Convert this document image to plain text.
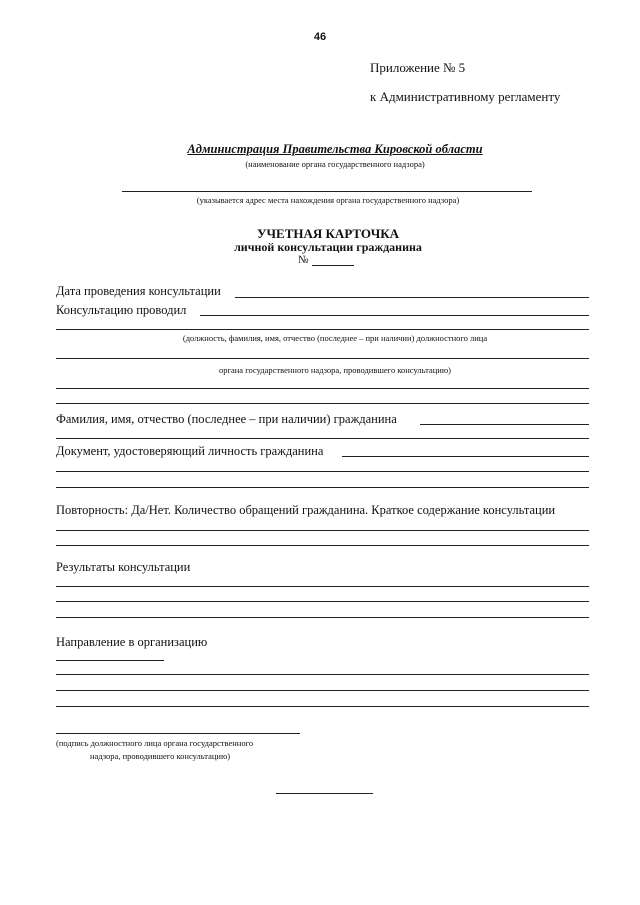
46
Приложение № 5
к Административному регламенту
Администрация Правительства Кировской области
(наименование органа государственного надзора)
(указывается адрес места нахождения органа государственного надзора)
УЧЕТНАЯ КАРТОЧКА
личной консультации гражданина
№
Дата проведения консультации
Консультацию проводил
(должность, фамилия, имя, отчество (последнее – при наличии) должностного лица
органа государственного надзора, проводившего консультацию)
Фамилия, имя, отчество (последнее – при наличии) гражданина
Документ, удостоверяющий личность гражданина
Повторность: Да/Нет. Количество обращений гражданина. Краткое содержание консультации
Результаты консультации
Направление в организацию
(подпись должностного лица органа государственного
надзора, проводившего консультацию)
